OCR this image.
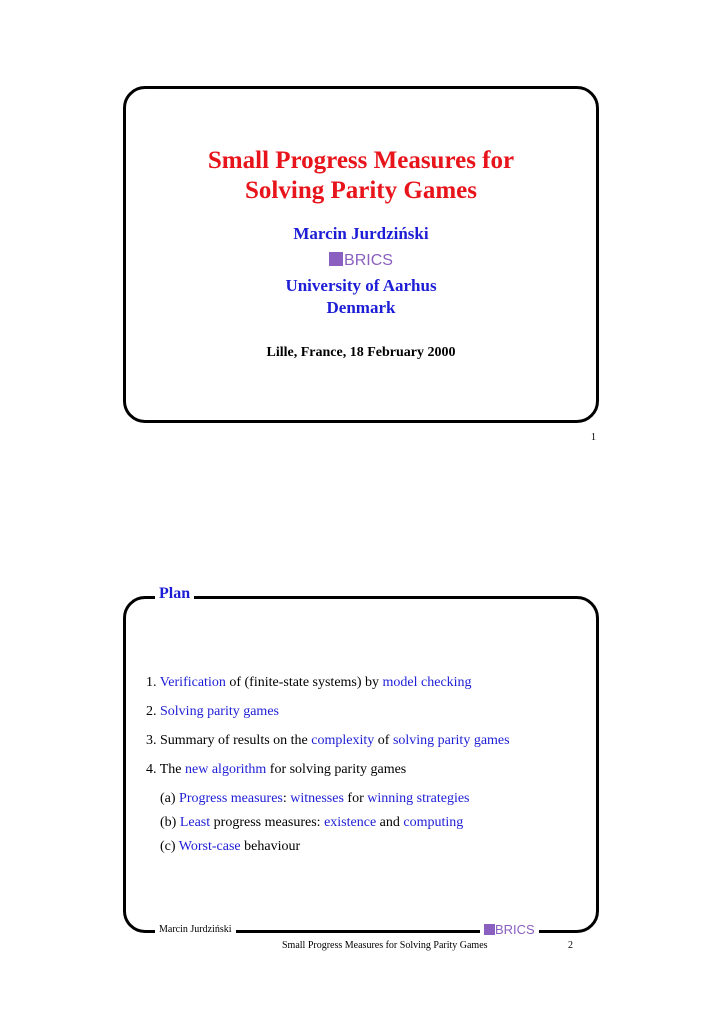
Small Progress Measures for
Solving Parity Games
Marcin Jurdziński
BRICS
University of Aarhus
Denmark
Lille, France, 18 February 2000
1
Plan
1. Verification of (finite-state systems) by model checking
2. Solving parity games
3. Summary of results on the complexity of solving parity games
4. The new algorithm for solving parity games
(a) Progress measures: witnesses for winning strategies
(b) Least progress measures: existence and computing
(c) Worst-case behaviour
Marcin Jurdziński	BRICS
Small Progress Measures for Solving Parity Games	2
